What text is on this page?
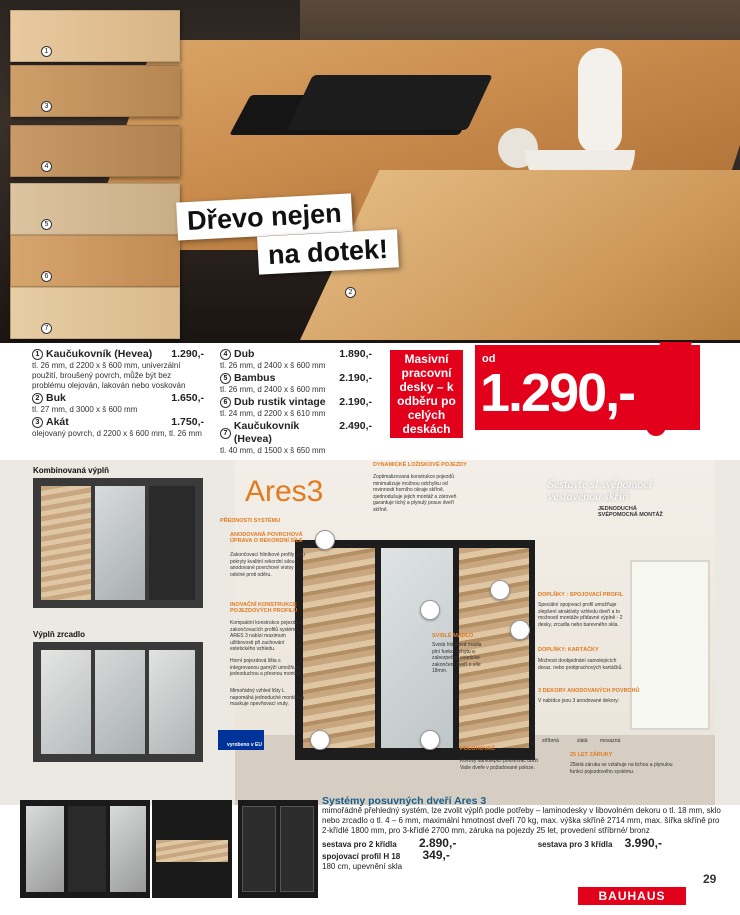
2
1
3
4
5
6
7
Dřevo nejen
na dotek!
1 Kaučukovník (Hevea) 1.290,-
tl. 26 mm, d 2200 x š 600 mm, univerzální použití, broušený povrch, může být bez problému olejován, lakován nebo voskován
2 Buk	1.650,-
tl. 27 mm, d 3000 x š 600 mm
3 Akát	1.750,-
olejovaný povrch, d 2200 x š 600 mm, tl. 26 mm
4 Dub	1.890,-
tl. 26 mm, d 2400 x š 600 mm
5 Bambus	2.190,-
tl. 26 mm, d 2400 x š 600 mm
6 Dub rustik vintage 2.190,-
tl. 24 mm, d 2200 x š 610 mm
7
Kaučukovník (Hevea)
2.490,-
tl. 40 mm, d 1500 x š 650 mm
Masivní pracovní desky – k odběru po celých deskách
od
1.290,-
Ares3
PŘEDNOSTI SYSTÉMU
ANODOVANÁ POVRCHOVÁ ÚPRAVA O REKORDNÍ SÍLE
Zakončovací hliníkové profily jsou pokryty kvalitní rekordní silou anodované povrchové vrstvy odolné proti oděru.
INOVAČNÍ KONSTRUKCE POJEZDOVÝCH PROFILŮ
Kompaktní konstrukce pojezdů a zakončovacích profilů systému ARES 3 nabízí maximum užitkovosti při zachování estetického vzhledu.
Horní pojezdová lišta s integrovanou garnýží umožňuje jednoduchou a přesnou montáž.
Mimořádný vzhled lišty L napomáhá jednoduché montáži a maskuje opevňovací vruty.
DYNAMICKÉ LOŽISKOVÉ POJEZDY
Zoptimalizovaná konstrukce pojezdů minimalizuje možnou odchylku od rovinnosti horního okraje skříně, zjednodušuje jejich montáž a zároveň garantuje tichý a plynulý posuv dveří skříně.
SVISLÉ MADLO
Svislá hliníková madla plní funkci úchytu a zabezpečují estetické zakončení dveří o síle 18mm.
DOPLŇKY : SPOJOVACÍ PROFIL
Speciální spojovací profil umožňuje zlepšení atraktivity vzhledu dveří a to možností montáže přidavné výplně - 2 desky, zrcadla nebo barevného skla.
DOPLŇKY: KARTÁČKY
Možnost doobjednání samolepicích doraz. nebo protiprachových kartáčků.
3 DEKORY ANODOVANÝCH POVRCHŮ
V nabídce jsou 3 anodované dekory:
stříbrná	zlatá mosazná
POLOHOVAČ
Kovový samolepicí polohovač udrží Vaše dveře v požadované poloze.
25 LET ZÁRUKY
25letá záruka se vztahuje na tichou a plynulou funkci pojezdového systému.
JEDNODUCHÁ SVÉPOMOCNÁ MONTÁŽ
Sestavte si svépomocí vestavěnou skříň
Kombinovaná výplň
Výplň zrcadlo
vyrobeno v EU
Systémy posuvných dveří Ares 3
mimořádně přehledný systém, lze zvolit výplň podle potřeby – laminodesky v libovolném dekoru o tl. 18 mm, sklo nebo zrcadlo o tl. 4 – 6 mm, maximální hmotnost dveří 70 kg, max. výška skříně 2714 mm, max. šířka skříně pro 2-křídlé 1800 mm, pro 3-křídlé 2700 mm, záruka na pojezdy 25 let, provedení stříbrné/ bronz
sestava pro 2 křídla 2.890,-	sestava pro 3 křídla 3.990,-
spojovací profil H 18 349,-
180 cm, upevnění skla
29
BAUHAUS
